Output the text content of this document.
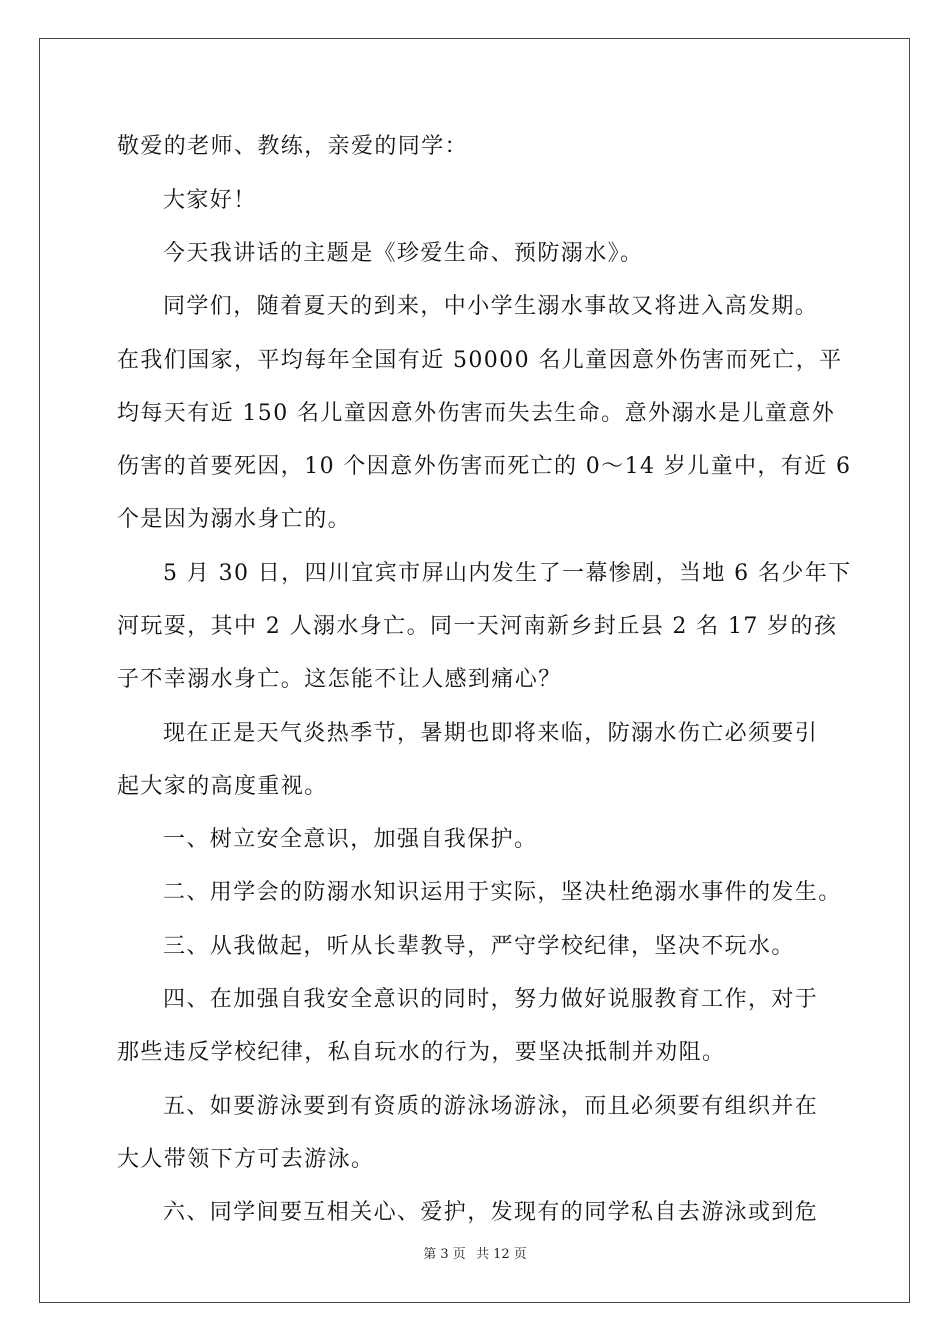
敬爱的老师、教练，亲爱的同学：
大家好！
今天我讲话的主题是《珍爱生命、预防溺水》。
同学们，随着夏天的到来，中小学生溺水事故又将进入高发期。
在我们国家，平均每年全国有近 50000 名儿童因意外伤害而死亡，平
均每天有近 150 名儿童因意外伤害而失去生命。意外溺水是儿童意外
伤害的首要死因，10 个因意外伤害而死亡的 0～14 岁儿童中，有近 6
个是因为溺水身亡的。
5 月 30 日，四川宜宾市屏山内发生了一幕惨剧，当地 6 名少年下
河玩耍，其中 2 人溺水身亡。同一天河南新乡封丘县 2 名 17 岁的孩
子不幸溺水身亡。这怎能不让人感到痛心？
现在正是天气炎热季节，暑期也即将来临，防溺水伤亡必须要引
起大家的高度重视。
一、树立安全意识，加强自我保护。
二、用学会的防溺水知识运用于实际，坚决杜绝溺水事件的发生。
三、从我做起，听从长辈教导，严守学校纪律，坚决不玩水。
四、在加强自我安全意识的同时，努力做好说服教育工作，对于
那些违反学校纪律，私自玩水的行为，要坚决抵制并劝阻。
五、如要游泳要到有资质的游泳场游泳，而且必须要有组织并在
大人带领下方可去游泳。
六、同学间要互相关心、爱护，发现有的同学私自去游泳或到危
第 3 页 共 12 页
